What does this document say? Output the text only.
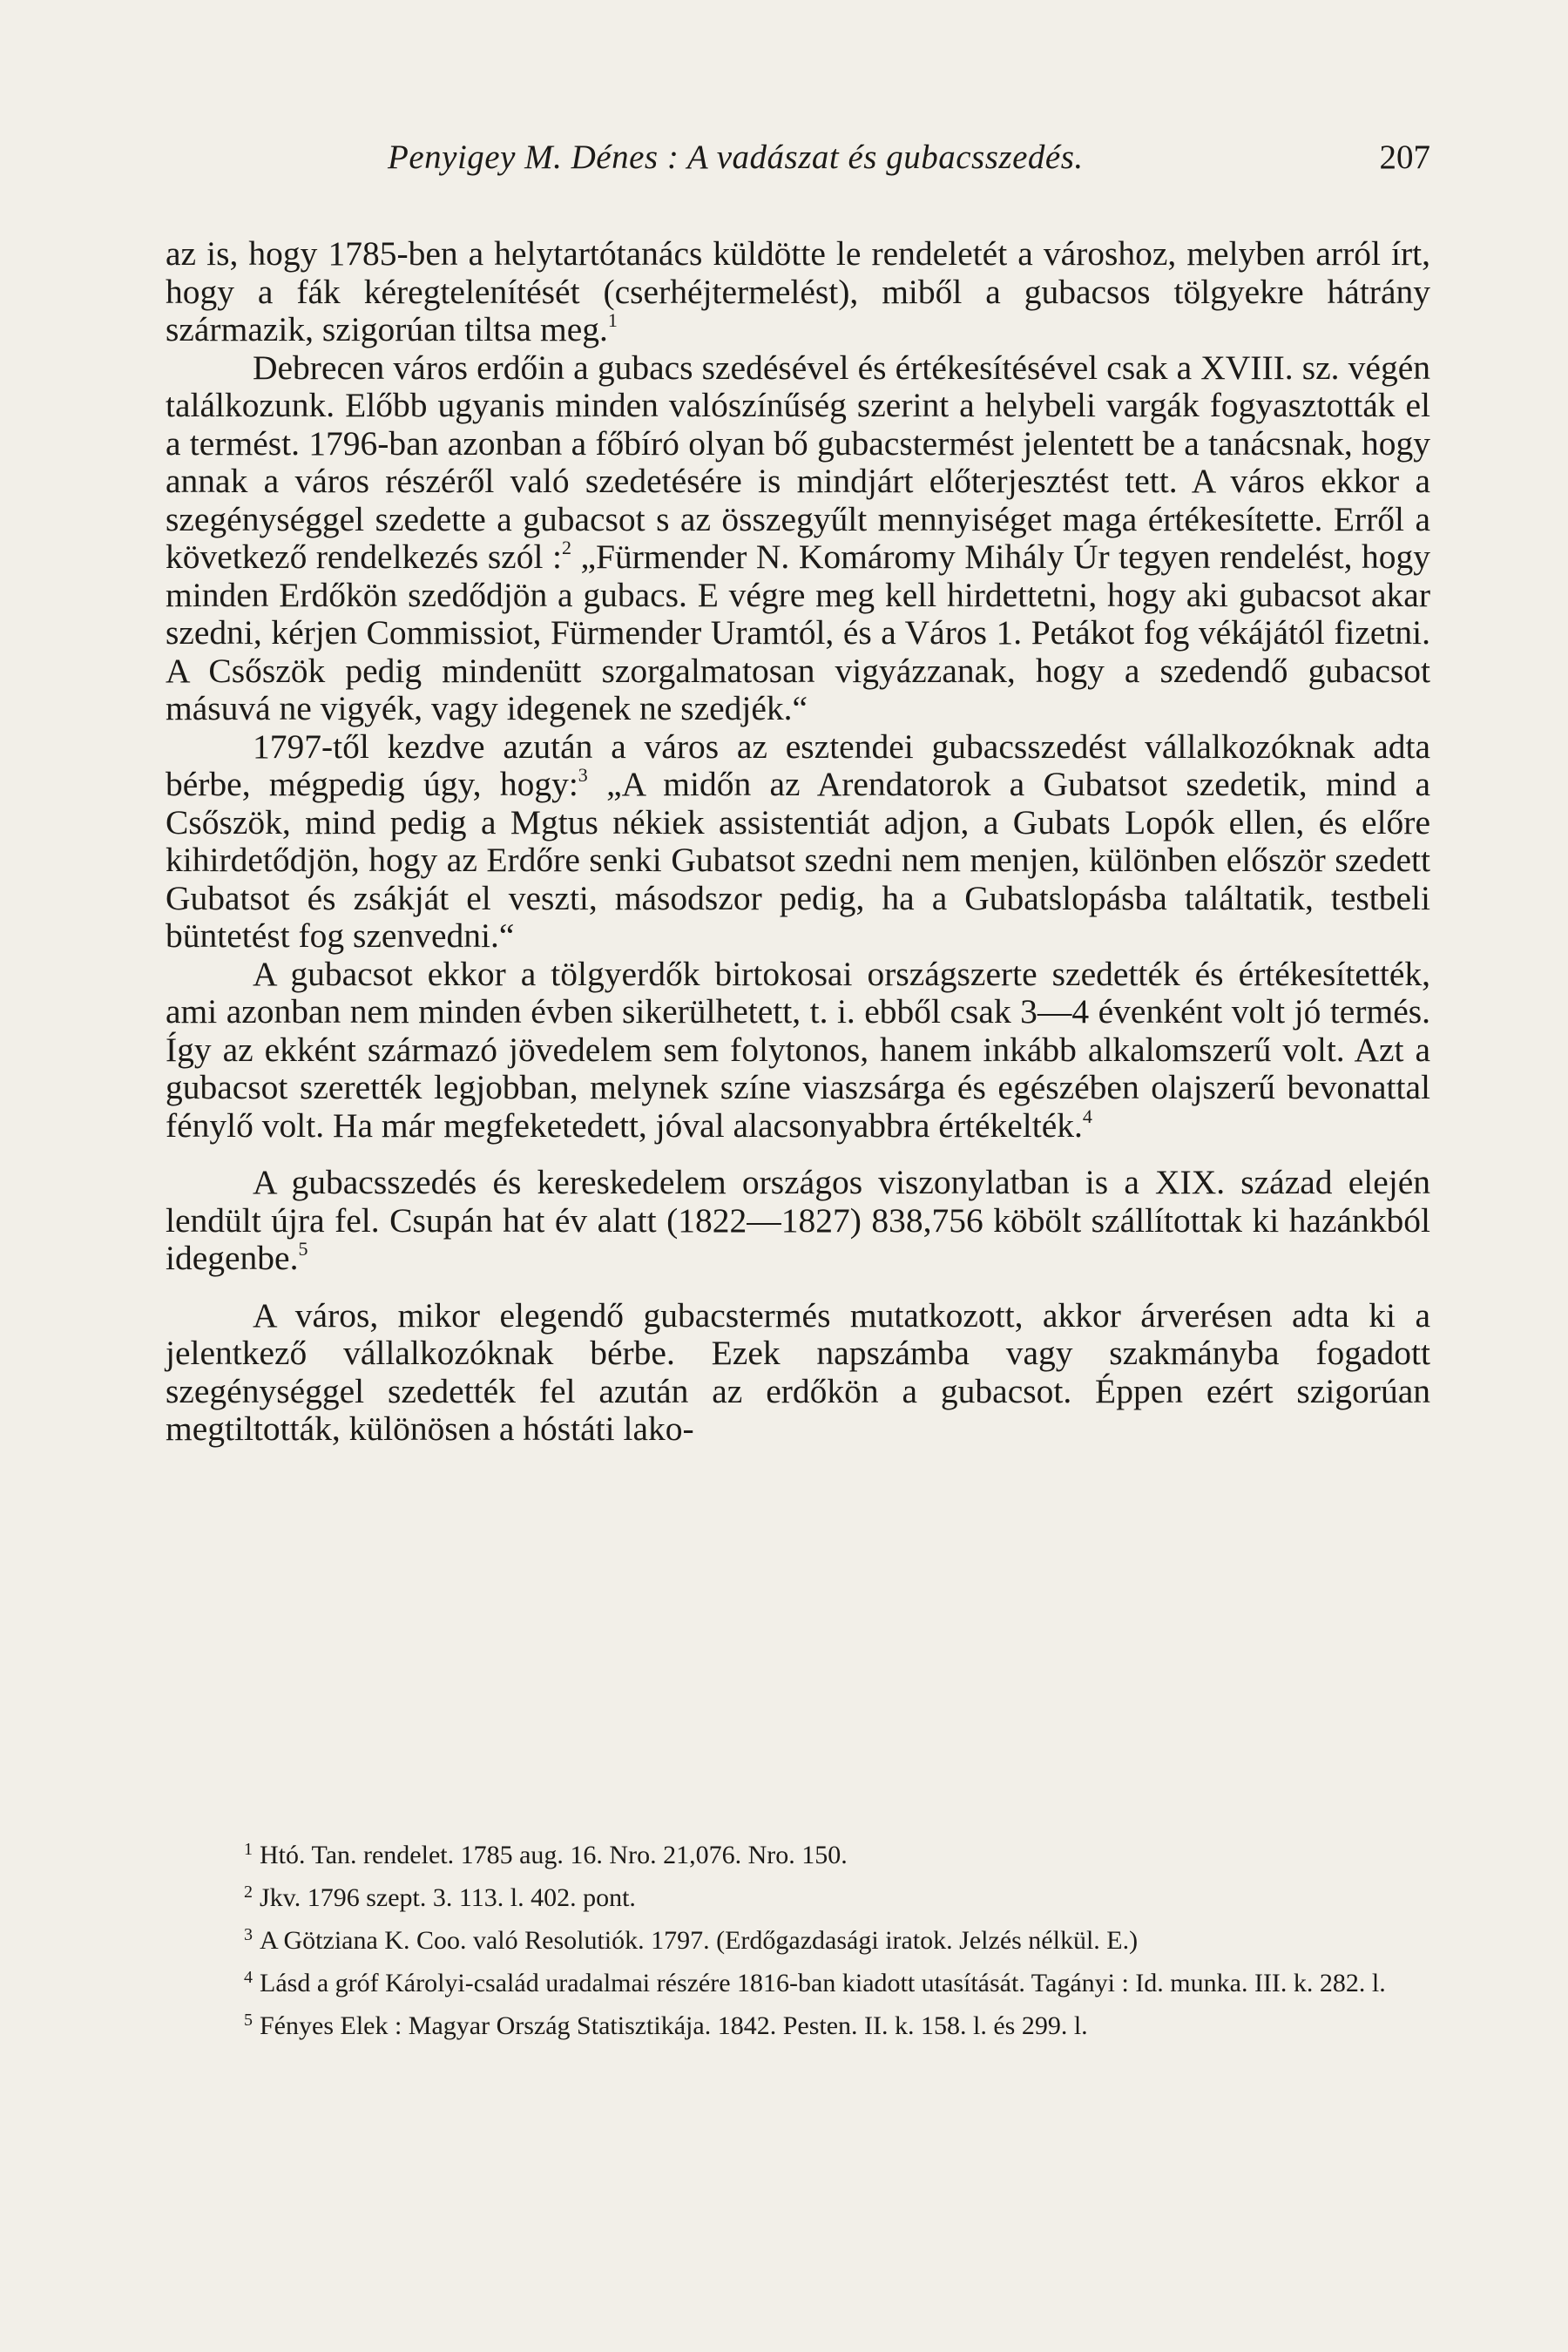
Penyigey M. Dénes : A vadászat és gubacsszedés.	207

az is, hogy 1785-ben a helytartótanács küldötte le rendeletét a városhoz, melyben arról írt, hogy a fák kéregtelenítését (cserhéjtermelést), miből a gubacsos tölgyekre hátrány származik, szigorúan tiltsa meg.$^1$

Debrecen város erdőin a gubacs szedésével és értékesítésével csak a XVIII. sz. végén találkozunk. Előbb ugyanis minden valószínűség szerint a helybeli vargák fogyasztották el a termést. 1796-ban azonban a főbíró olyan bő gubacstermést jelentett be a tanácsnak, hogy annak a város részéről való szedetésére is mindjárt előterjesztést tett. A város ekkor a szegénységgel szedette a gubacsot s az összegyűlt mennyiséget maga értékesítette. Erről a következő rendelkezés szól :$^2$ „Fürmender N. Komáromy Mihály Úr tegyen rendelést, hogy minden Erdőkön szedődjön a gubacs. E végre meg kell hirdettetni, hogy aki gubacsot akar szedni, kérjen Commissiot, Fürmender Uramtól, és a Város 1. Petákot fog vékájától fizetni. A Csőszök pedig mindenütt szorgalmatosan vigyázzanak, hogy a szedendő gubacsot másuvá ne vigyék, vagy idegenek ne szedjék.“

1797-től kezdve azután a város az esztendei gubacsszedést vállalkozóknak adta bérbe, mégpedig úgy, hogy:$^3$ „A midőn az Arendatorok a Gubatsot szedetik, mind a Csőszök, mind pedig a Mgtus nékiek assistentiát adjon, a Gubats Lopók ellen, és előre kihirdetődjön, hogy az Erdőre senki Gubatsot szedni nem menjen, különben először szedett Gubatsot és zsákját el veszti, másodszor pedig, ha a Gubatslopásba találtatik, testbeli büntetést fog szenvedni.“

A gubacsot ekkor a tölgyerdők birtokosai országszerte szedették és értékesítették, ami azonban nem minden évben sikerülhetett, t. i. ebből csak 3—4 évenként volt jó termés. Így az ekként származó jövedelem sem folytonos, hanem inkább alkalomszerű volt. Azt a gubacsot szerették legjobban, melynek színe viaszsárga és egészében olajszerű bevonattal fénylő volt. Ha már megfeketedett, jóval alacsonyabbra értékelték.$^4$

A gubacsszedés és kereskedelem országos viszonylatban is a XIX. század elején lendült újra fel. Csupán hat év alatt (1822—1827) 838,756 köbölt szállítottak ki hazánkból idegenbe.$^5$

A város, mikor elegendő gubacstermés mutatkozott, akkor árverésen adta ki a jelentkező vállalkozóknak bérbe. Ezek napszámba vagy szakmányba fogadott szegénységgel szedették fel azután az erdőkön a gubacsot. Éppen ezért szigorúan megtiltották, különösen a hóstáti lako-

$^1$ Htó. Tan. rendelet. 1785 aug. 16. Nro. 21,076. Nro. 150.

$^2$ Jkv. 1796 szept. 3. 113. l. 402. pont.

$^3$ A Götziana K. Coo. való Resolutiók. 1797. (Erdőgazdasági iratok. Jelzés nélkül. E.)

$^4$ Lásd a gróf Károlyi-család uradalmai részére 1816-ban kiadott utasítását. Tagányi : Id. munka. III. k. 282. l.

$^5$ Fényes Elek : Magyar Ország Statisztikája. 1842. Pesten. II. k. 158. l. és 299. l.
